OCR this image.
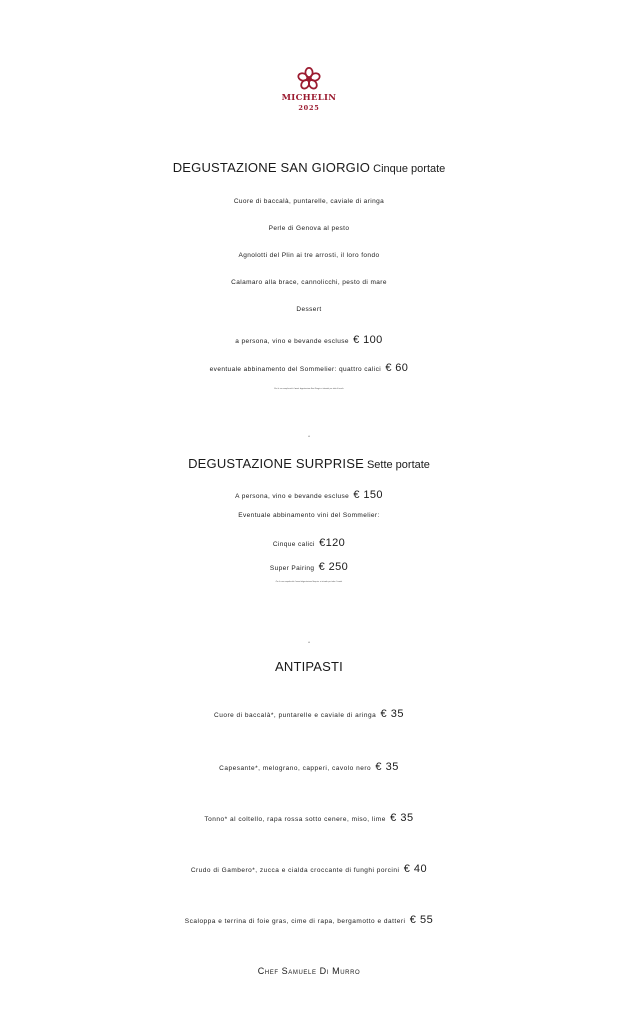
MICHELIN
2025
DEGUSTAZIONE SAN GIORGIO Cinque portate
Cuore di baccalà, puntarelle, caviale di aringa
Perle di Genova al pesto
Agnolotti del Plin ai tre arrosti, il loro fondo
Calamaro alla brace, cannolicchi, pesto di mare
Dessert
a persona, vino e bevande escluse € 100
eventuale abbinamento del Sommelier: quattro calici € 60
Per la sua complessità il menù degustazione San Giorgio si intende per tutto il tavolo
*
DEGUSTAZIONE SURPRISE Sette portate
A persona, vino e bevande escluse € 150
Eventuale abbinamento vini del Sommelier:
Cinque calici €120
Super Pairing € 250
Per la sua complessità il menù degustazione Surprise si intende per tutto il tavolo
*
ANTIPASTI
Cuore di baccalà*, puntarelle e caviale di aringa € 35
Capesante*, melograno, capperi, cavolo nero € 35
Tonno* al coltello, rapa rossa sotto cenere, miso, lime € 35
Crudo di Gambero*, zucca e cialda croccante di funghi porcini € 40
Scaloppa e terrina di foie gras, cime di rapa, bergamotto e datteri € 55
Chef Samuele Di Murro
